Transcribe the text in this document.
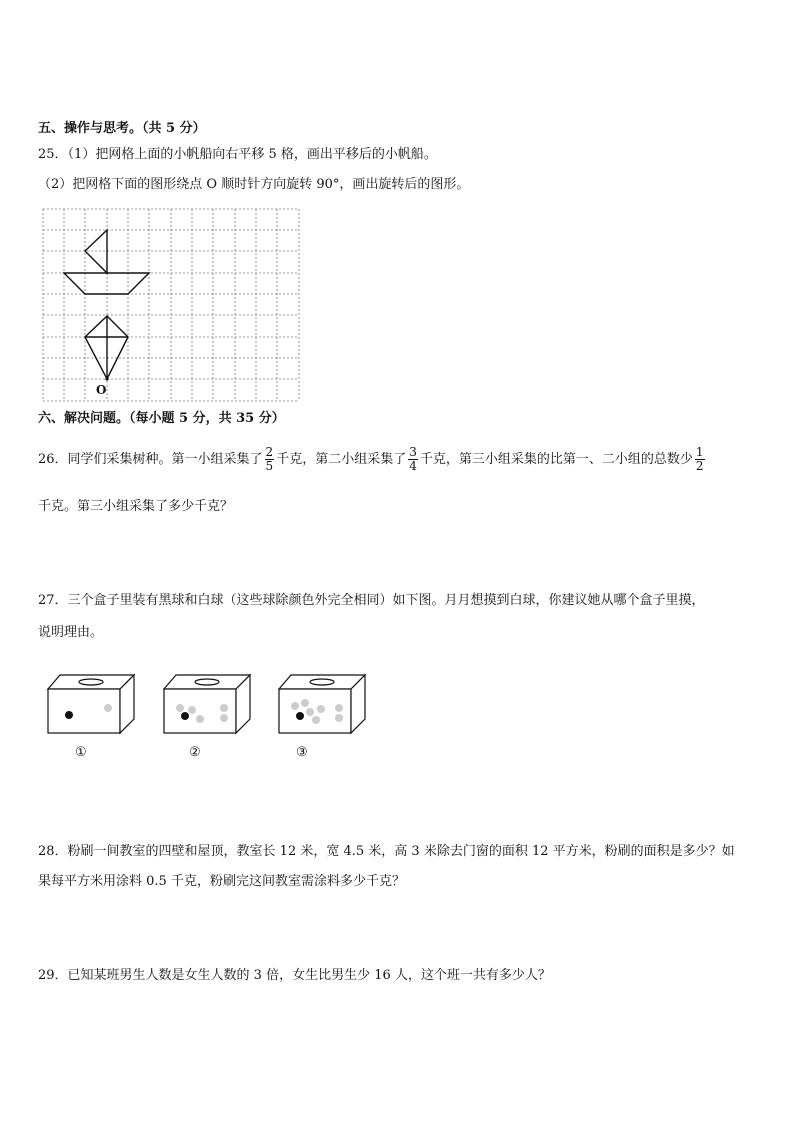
五、操作与思考。（共 5 分）
25．（1）把网格上面的小帆船向右平移 5 格，画出平移后的小帆船。
（2）把网格下面的图形绕点 O 顺时针方向旋转 90°，画出旋转后的图形。
O
六、解决问题。（每小题 5 分，共 35 分）
26．同学们采集树种。第一小组采集了 $\frac{2}{5}$ 千克，第二小组采集了 $\frac{3}{4}$ 千克，第三小组采集的比第一、二小组的总数少 $\frac{1}{2}$
千克。第三小组采集了多少千克？
27．三个盒子里装有黑球和白球（这些球除颜色外完全相同）如下图。月月想摸到白球，你建议她从哪个盒子里摸，
说明理由。
①	②	③
28．粉刷一间教室的四壁和屋顶，教室长 12 米，宽 4.5 米，高 3 米除去门窗的面积 12 平方米，粉刷的面积是多少？如
果每平方米用涂料 0.5 千克，粉刷完这间教室需涂料多少千克？
29．已知某班男生人数是女生人数的 3 倍，女生比男生少 16 人，这个班一共有多少人？
